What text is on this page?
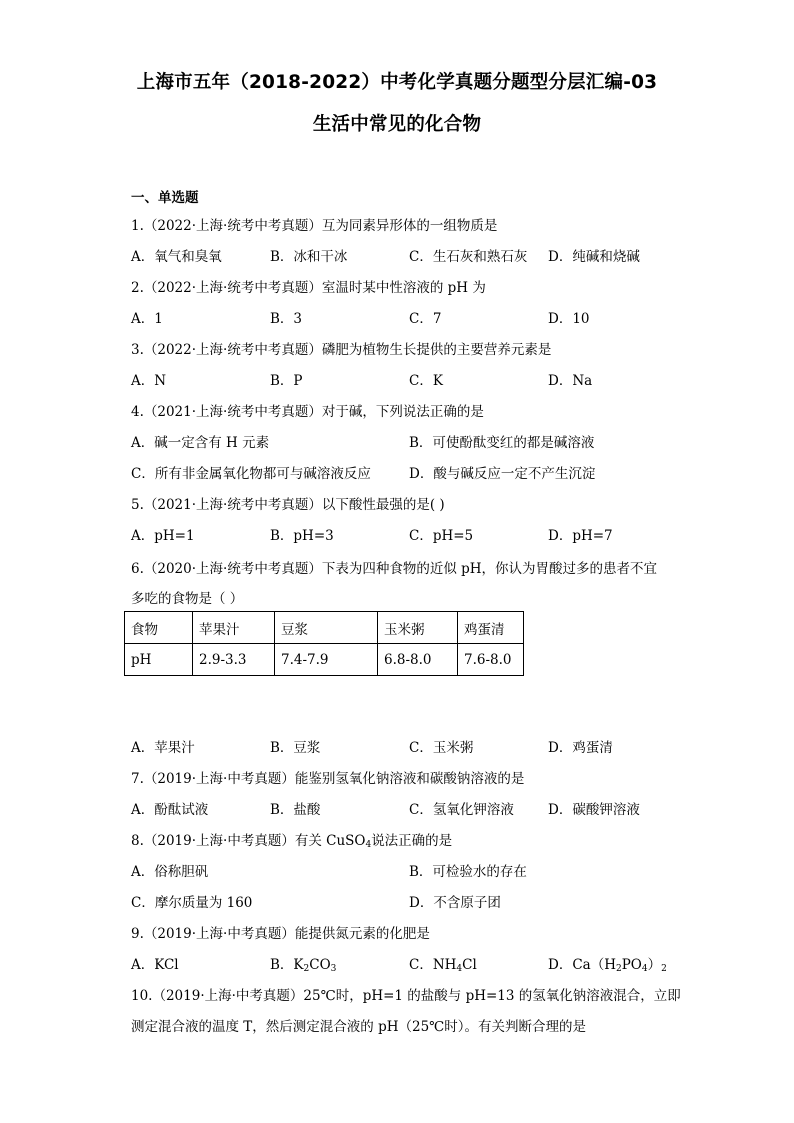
上海市五年（2018-2022）中考化学真题分题型分层汇编-03
生活中常见的化合物
一、单选题
1.（2022·上海·统考中考真题）互为同素异形体的一组物质是
A．氧气和臭氧	B．冰和干冰	C．生石灰和熟石灰 D．纯碱和烧碱
2.（2022·上海·统考中考真题）室温时某中性溶液的 pH 为
A．1	B．3	C．7	D．10
3.（2022·上海·统考中考真题）磷肥为植物生长提供的主要营养元素是
A．N	B．P	C．K	D．Na
4.（2021·上海·统考中考真题）对于碱，下列说法正确的是
A．碱一定含有 H 元素	B．可使酚酞变红的都是碱溶液
C．所有非金属氧化物都可与碱溶液反应	D．酸与碱反应一定不产生沉淀
5.（2021·上海·统考中考真题）以下酸性最强的是( )
A．pH=1	B．pH=3	C．pH=5	D．pH=7
6.（2020·上海·统考中考真题）下表为四种食物的近似 pH，你认为胃酸过多的患者不宜
多吃的食物是（ ）
食物	苹果汁	豆浆	玉米粥	鸡蛋清
pH	2.9-3.3	7.4-7.9	6.8-8.0	7.6-8.0
A．苹果汁	B．豆浆	C．玉米粥	D．鸡蛋清
7.（2019·上海·中考真题）能鉴别氢氧化钠溶液和碳酸钠溶液的是
A．酚酞试液	B．盐酸	C．氢氧化钾溶液	D．碳酸钾溶液
8.（2019·上海·中考真题）有关 CuSO$_4$说法正确的是
A．俗称胆矾	B．可检验水的存在
C．摩尔质量为 160	D．不含原子团
9.（2019·上海·中考真题）能提供氮元素的化肥是
A．KCl	B．$K_2CO_3$	C．$NH_4Cl$	D．$Ca(H_2PO_4)_2$
10.（2019·上海·中考真题）25℃时，pH=1 的盐酸与 pH=13 的氢氧化钠溶液混合，立即
测定混合液的温度 T，然后测定混合液的 pH（25℃时）。有关判断合理的是
